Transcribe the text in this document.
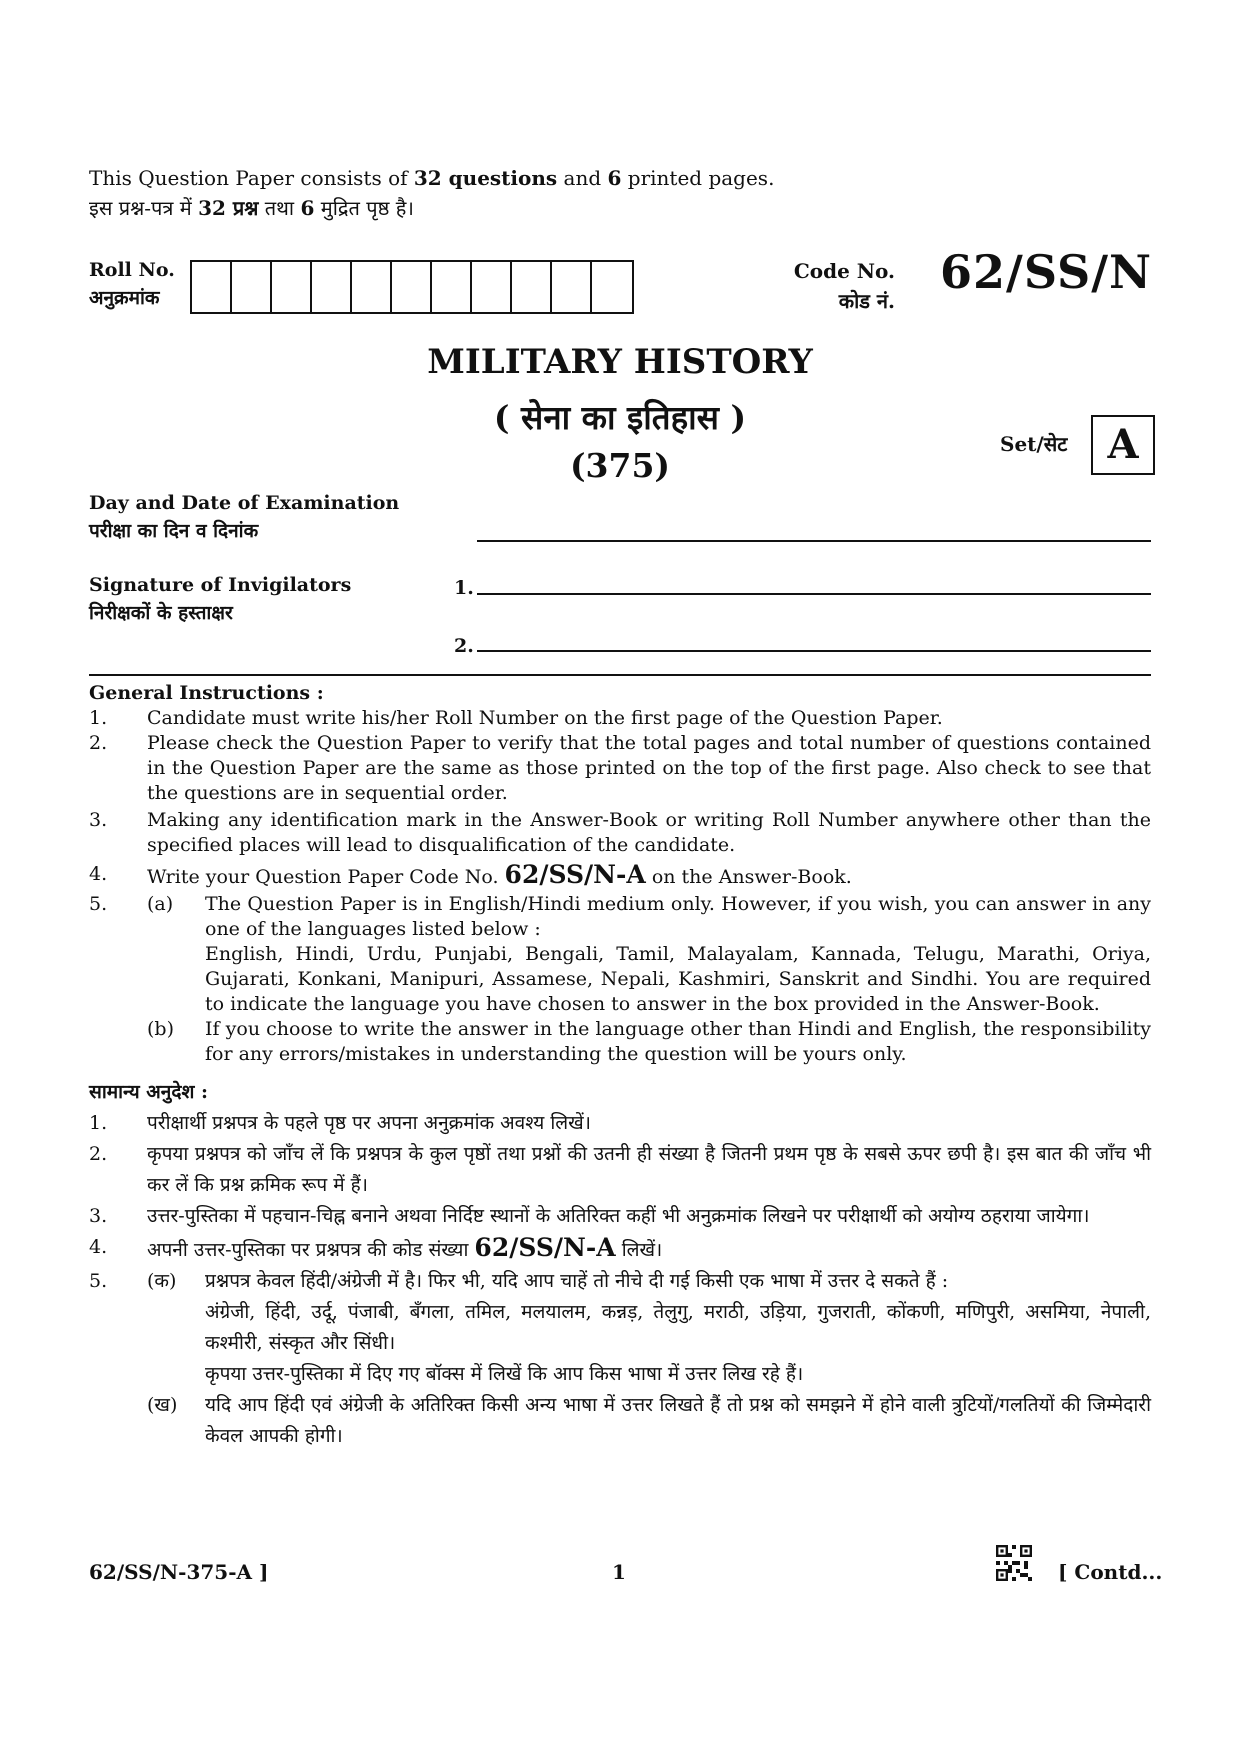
This Question Paper consists of 32 questions and 6 printed pages.
इस प्रश्न-पत्र में 32 प्रश्न तथा 6 मुद्रित पृष्ठ है।
Roll No.
अनुक्रमांक
Code No.
कोड नं.
62/SS/N
MILITARY HISTORY
( सेना का इतिहास )
(375)
Set/सेट	A
Day and Date of Examination
परीक्षा का दिन व दिनांक
Signature of Invigilators
निरीक्षकों के हस्ताक्षर
1.
2.
General Instructions :
1.	Candidate must write his/her Roll Number on the first page of the Question Paper.
2.	Please check the Question Paper to verify that the total pages and total number of questions contained in the Question Paper are the same as those printed on the top of the first page. Also check to see that the questions are in sequential order.
3.	Making any identification mark in the Answer-Book or writing Roll Number anywhere other than the specified places will lead to disqualification of the candidate.
4.	Write your Question Paper Code No. 62/SS/N-A on the Answer-Book.
5.	(a)	The Question Paper is in English/Hindi medium only. However, if you wish, you can answer in any one of the languages listed below :
English, Hindi, Urdu, Punjabi, Bengali, Tamil, Malayalam, Kannada, Telugu, Marathi, Oriya, Gujarati, Konkani, Manipuri, Assamese, Nepali, Kashmiri, Sanskrit and Sindhi. You are required to indicate the language you have chosen to answer in the box provided in the Answer-Book.
(b)	If you choose to write the answer in the language other than Hindi and English, the responsibility for any errors/mistakes in understanding the question will be yours only.
सामान्य अनुदेश :
1.	परीक्षार्थी प्रश्नपत्र के पहले पृष्ठ पर अपना अनुक्रमांक अवश्य लिखें।
2.	कृपया प्रश्नपत्र को जाँच लें कि प्रश्नपत्र के कुल पृष्ठों तथा प्रश्नों की उतनी ही संख्या है जितनी प्रथम पृष्ठ के सबसे ऊपर छपी है। इस बात की जाँच भी कर लें कि प्रश्न क्रमिक रूप में हैं।
3.	उत्तर-पुस्तिका में पहचान-चिह्न बनाने अथवा निर्दिष्ट स्थानों के अतिरिक्त कहीं भी अनुक्रमांक लिखने पर परीक्षार्थी को अयोग्य ठहराया जायेगा।
4.	अपनी उत्तर-पुस्तिका पर प्रश्नपत्र की कोड संख्या 62/SS/N-A लिखें।
5.	(क)	प्रश्नपत्र केवल हिंदी/अंग्रेजी में है। फिर भी, यदि आप चाहें तो नीचे दी गई किसी एक भाषा में उत्तर दे सकते हैं :
अंग्रेजी, हिंदी, उर्दू, पंजाबी, बँगला, तमिल, मलयालम, कन्नड़, तेलुगु, मराठी, उड़िया, गुजराती, कोंकणी, मणिपुरी, असमिया, नेपाली, कश्मीरी, संस्कृत और सिंधी।
कृपया उत्तर-पुस्तिका में दिए गए बॉक्स में लिखें कि आप किस भाषा में उत्तर लिख रहे हैं।
(ख)	यदि आप हिंदी एवं अंग्रेजी के अतिरिक्त किसी अन्य भाषा में उत्तर लिखते हैं तो प्रश्न को समझने में होने वाली त्रुटियों/गलतियों की जिम्मेदारी केवल आपकी होगी।
62/SS/N-375-A ]	1	[ Contd...
